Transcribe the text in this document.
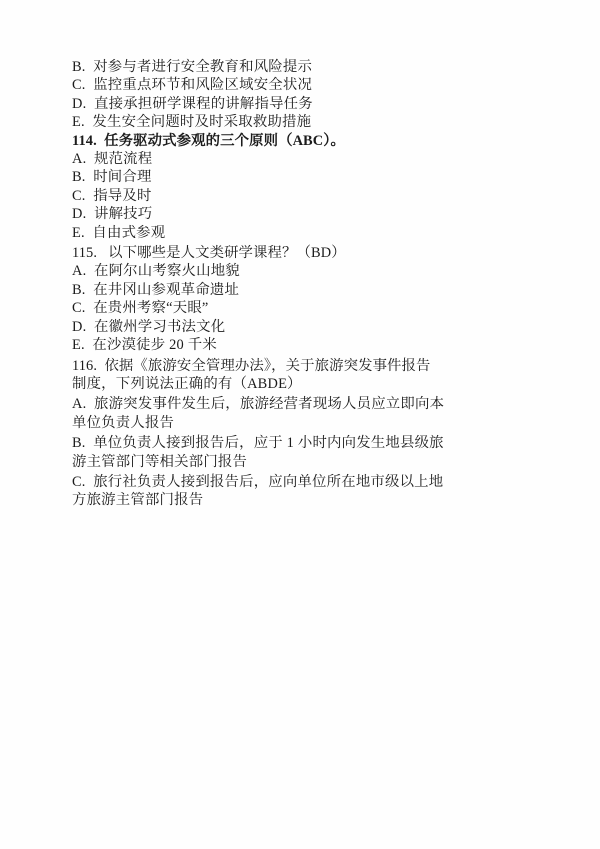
B.  对参与者进行安全教育和风险提示
C.  监控重点环节和风险区域安全状况
D.  直接承担研学课程的讲解指导任务
E.  发生安全问题时及时采取救助措施
114.  任务驱动式参观的三个原则（ABC）。
A.  规范流程
B.  时间合理
C.  指导及时
D.  讲解技巧
E.  自由式参观
115.   以下哪些是人文类研学课程？（BD）
A.  在阿尔山考察火山地貌
B.  在井冈山参观革命遗址
C.  在贵州考察“天眼”
D.  在徽州学习书法文化
E.  在沙漠徒步 20 千米
116.  依据《旅游安全管理办法》，关于旅游突发事件报告
制度，下列说法正确的有（ABDE）
A.  旅游突发事件发生后，旅游经营者现场人员应立即向本
单位负责人报告
B.  单位负责人接到报告后，应于 1 小时内向发生地县级旅
游主管部门等相关部门报告
C.  旅行社负责人接到报告后，应向单位所在地市级以上地
方旅游主管部门报告
